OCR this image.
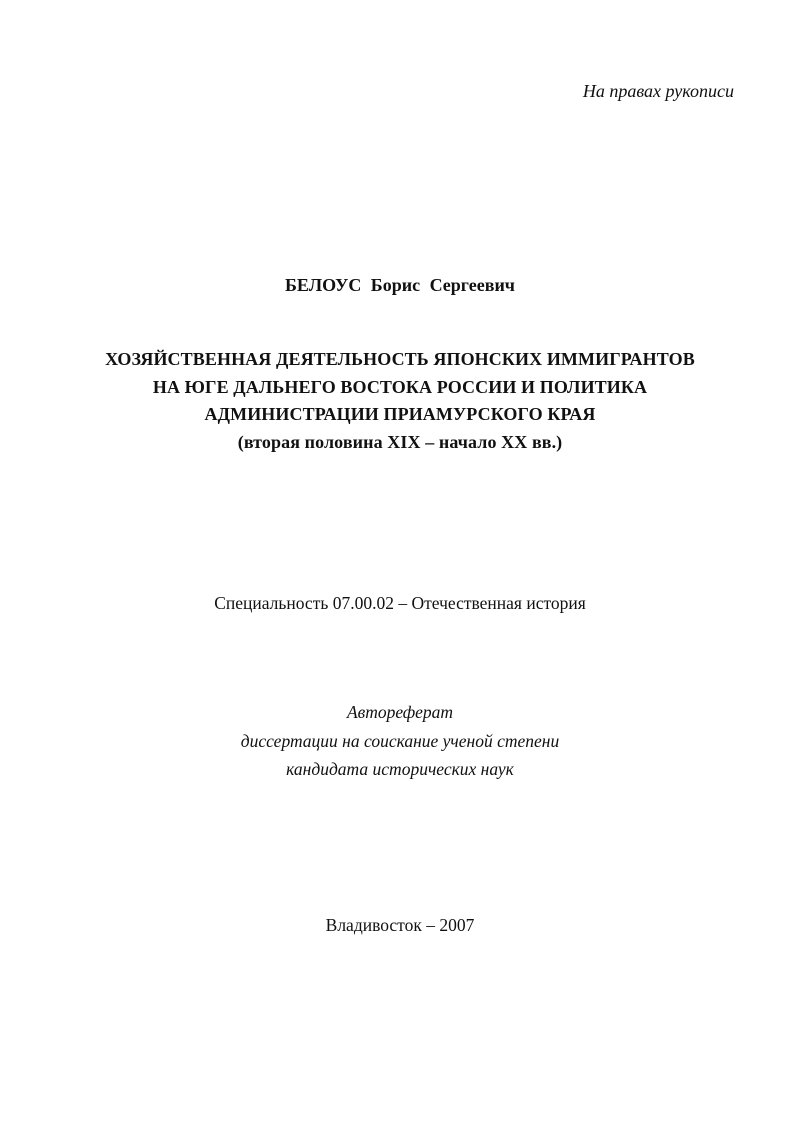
На правах рукописи
БЕЛОУС Борис Сергеевич
ХОЗЯЙСТВЕННАЯ ДЕЯТЕЛЬНОСТЬ ЯПОНСКИХ ИММИГРАНТОВ
НА ЮГЕ ДАЛЬНЕГО ВОСТОКА РОССИИ И ПОЛИТИКА
АДМИНИСТРАЦИИ ПРИАМУРСКОГО КРАЯ
(вторая половина XIX – начало XX вв.)
Специальность 07.00.02 – Отечественная история
Автореферат
диссертации на соискание ученой степени
кандидата исторических наук
Владивосток – 2007
